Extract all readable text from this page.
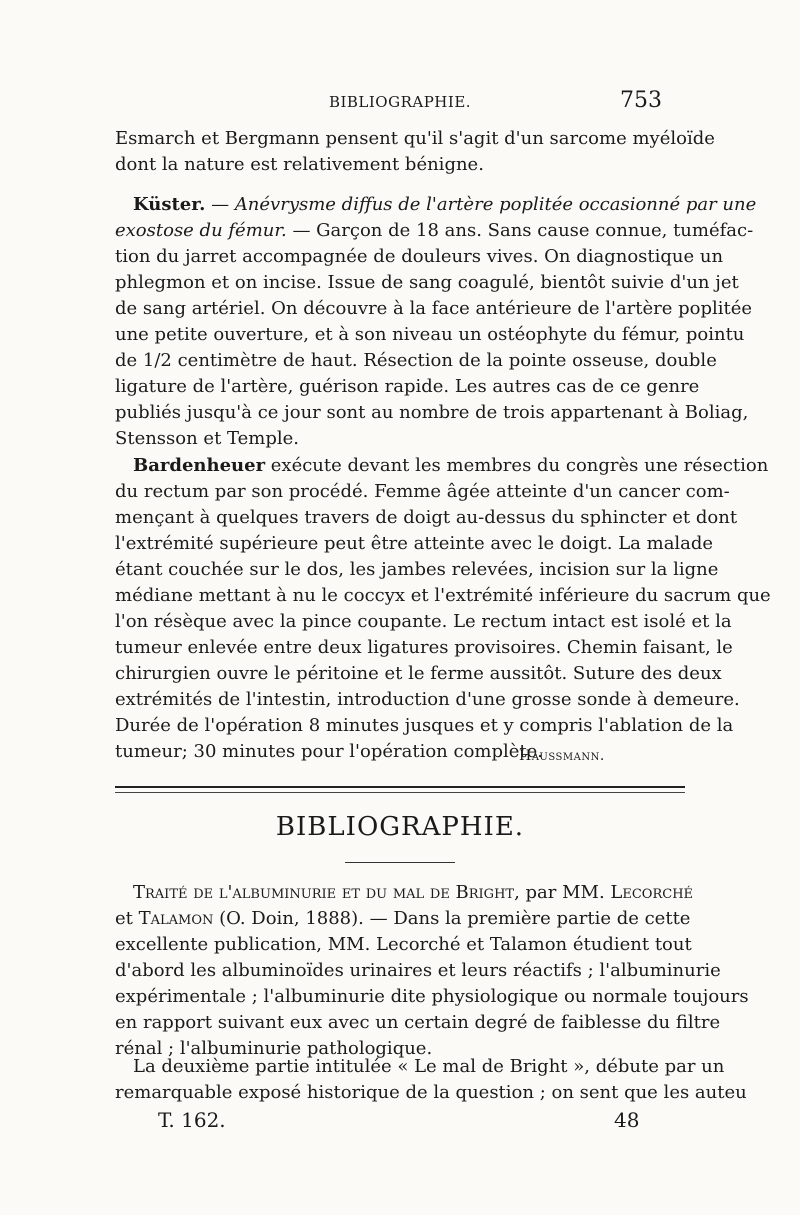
BIBLIOGRAPHIE.	753
Esmarch et Bergmann pensent qu'il s'agit d'un sarcome myéloïde
dont la nature est relativement bénigne.
Küster. — Anévrysme diffus de l'artère poplitée occasionné par une
exostose du fémur. — Garçon de 18 ans. Sans cause connue, tuméfac-
tion du jarret accompagnée de douleurs vives. On diagnostique un
phlegmon et on incise. Issue de sang coagulé, bientôt suivie d'un jet
de sang artériel. On découvre à la face antérieure de l'artère poplitée
une petite ouverture, et à son niveau un ostéophyte du fémur, pointu
de 1/2 centimètre de haut. Résection de la pointe osseuse, double
ligature de l'artère, guérison rapide. Les autres cas de ce genre
publiés jusqu'à ce jour sont au nombre de trois appartenant à Boliag,
Stensson et Temple.
Bardenheuer exécute devant les membres du congrès une résection
du rectum par son procédé. Femme âgée atteinte d'un cancer com-
mençant à quelques travers de doigt au-dessus du sphincter et dont
l'extrémité supérieure peut être atteinte avec le doigt. La malade
étant couchée sur le dos, les jambes relevées, incision sur la ligne
médiane mettant à nu le coccyx et l'extrémité inférieure du sacrum que
l'on résèque avec la pince coupante. Le rectum intact est isolé et la
tumeur enlevée entre deux ligatures provisoires. Chemin faisant, le
chirurgien ouvre le péritoine et le ferme aussitôt. Suture des deux
extrémités de l'intestin, introduction d'une grosse sonde à demeure.
Durée de l'opération 8 minutes jusques et y compris l'ablation de la
tumeur; 30 minutes pour l'opération complète.
Haussmann.
BIBLIOGRAPHIE.
Traité de l'albuminurie et du mal de Bright, par MM. Lecorché
et Talamon (O. Doin, 1888). — Dans la première partie de cette
excellente publication, MM. Lecorché et Talamon étudient tout
d'abord les albuminoïdes urinaires et leurs réactifs ; l'albuminurie
expérimentale ; l'albuminurie dite physiologique ou normale toujours
en rapport suivant eux avec un certain degré de faiblesse du filtre
rénal ; l'albuminurie pathologique.
La deuxième partie intitulée « Le mal de Bright », débute par un
remarquable exposé historique de la question ; on sent que les auteu
T. 162.	48
